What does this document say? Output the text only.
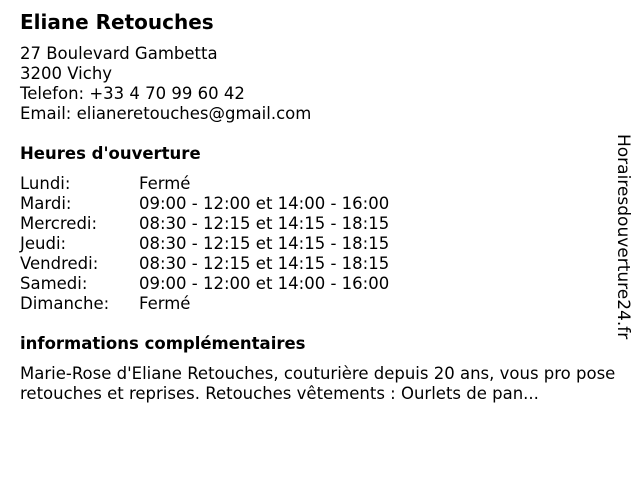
Eliane Retouches
27 Boulevard Gambetta
3200 Vichy
Telefon: +33 4 70 99 60 42
Email: elianeretouches@gmail.com
Heures d'ouverture
Lundi:	Fermé
Mardi:	09:00 - 12:00 et 14:00 - 16:00
Mercredi:	08:30 - 12:15 et 14:15 - 18:15
Jeudi:	08:30 - 12:15 et 14:15 - 18:15
Vendredi:	08:30 - 12:15 et 14:15 - 18:15
Samedi:	09:00 - 12:00 et 14:00 - 16:00
Dimanche:	Fermé
informations complémentaires
Marie-Rose d'Eliane Retouches, couturière depuis 20 ans, vous pro pose retouches et reprises. Retouches vêtements : Ourlets de pan...
Horairesdouverture24.fr
